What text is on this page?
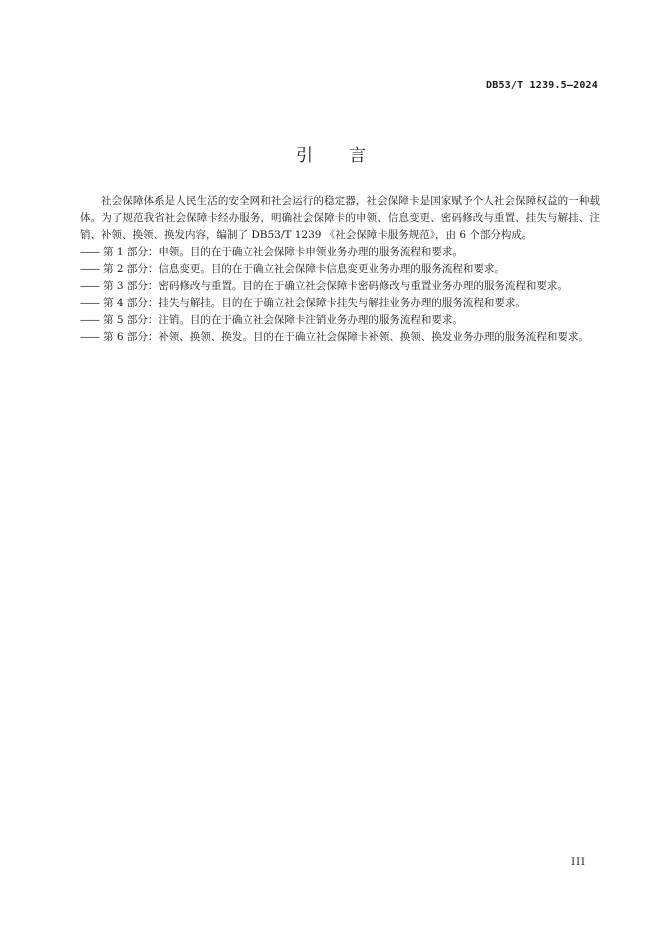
DB53/T 1239.5—2024
引言

社会保障体系是人民生活的安全网和社会运行的稳定器，社会保障卡是国家赋予个人社会保障权益的一种载体。为了规范我省社会保障卡经办服务，明确社会保障卡的申领、信息变更、密码修改与重置、挂失与解挂、注销、补领、换领、换发内容，编制了 DB53/T 1239 《社会保障卡服务规范》，由 6 个部分构成。

—— 第 1 部分：申领。目的在于确立社会保障卡申领业务办理的服务流程和要求。
—— 第 2 部分：信息变更。目的在于确立社会保障卡信息变更业务办理的服务流程和要求。
—— 第 3 部分：密码修改与重置。目的在于确立社会保障卡密码修改与重置业务办理的服务流程和要求。
—— 第 4 部分：挂失与解挂。目的在于确立社会保障卡挂失与解挂业务办理的服务流程和要求。
—— 第 5 部分：注销。目的在于确立社会保障卡注销业务办理的服务流程和要求。
—— 第 6 部分：补领、换领、换发。目的在于确立社会保障卡补领、换领、换发业务办理的服务流程和要求。
III
